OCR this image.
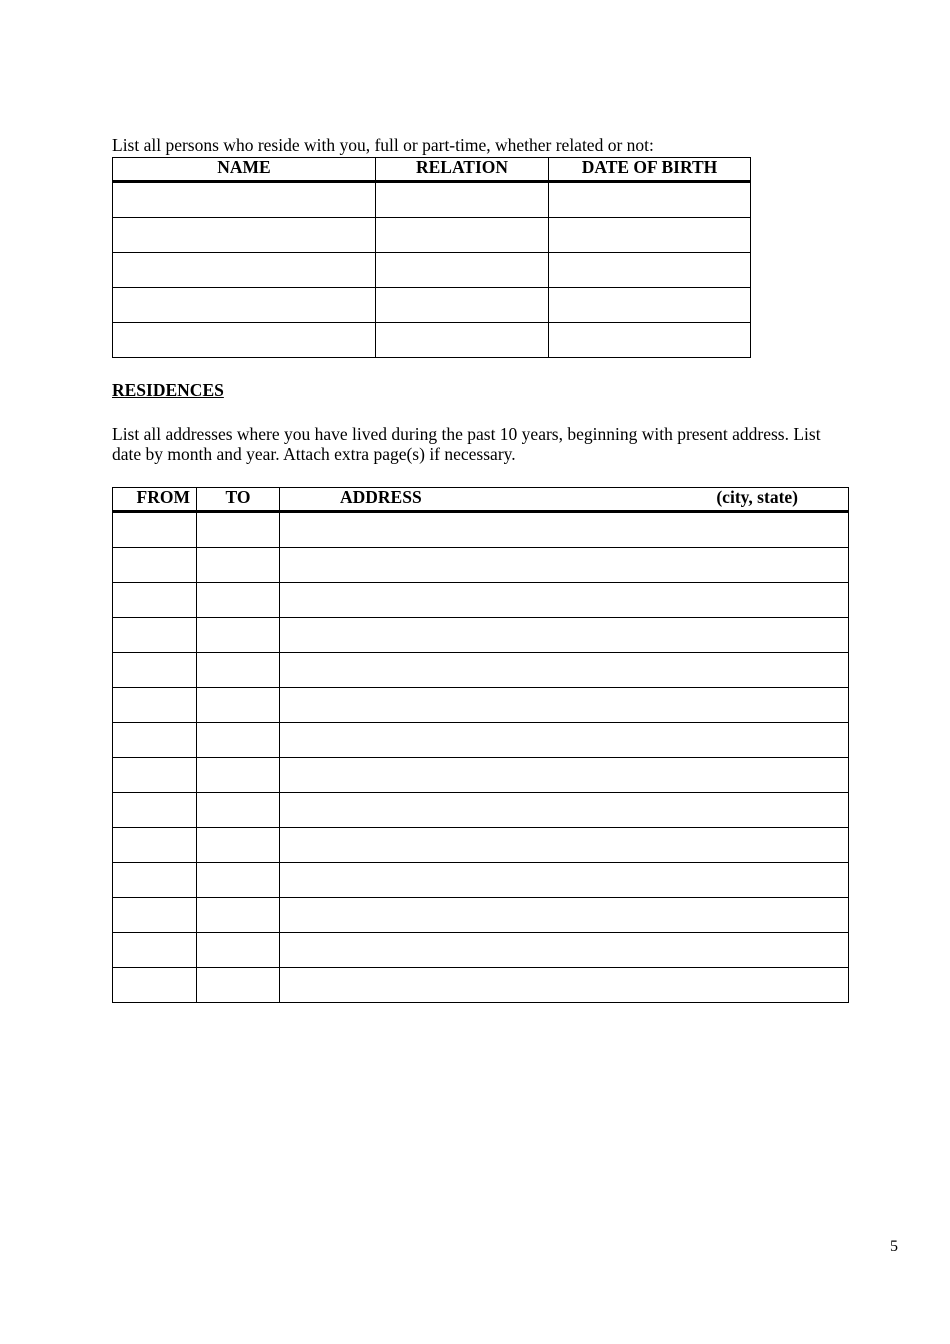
List all persons who reside with you, full or part-time, whether related or not:

NAME	RELATION	DATE OF BIRTH

RESIDENCES

List all addresses where you have lived during the past 10 years, beginning with present address. List date by month and year. Attach extra page(s) if necessary.

FROM	TO	ADDRESS (city, state)

5
